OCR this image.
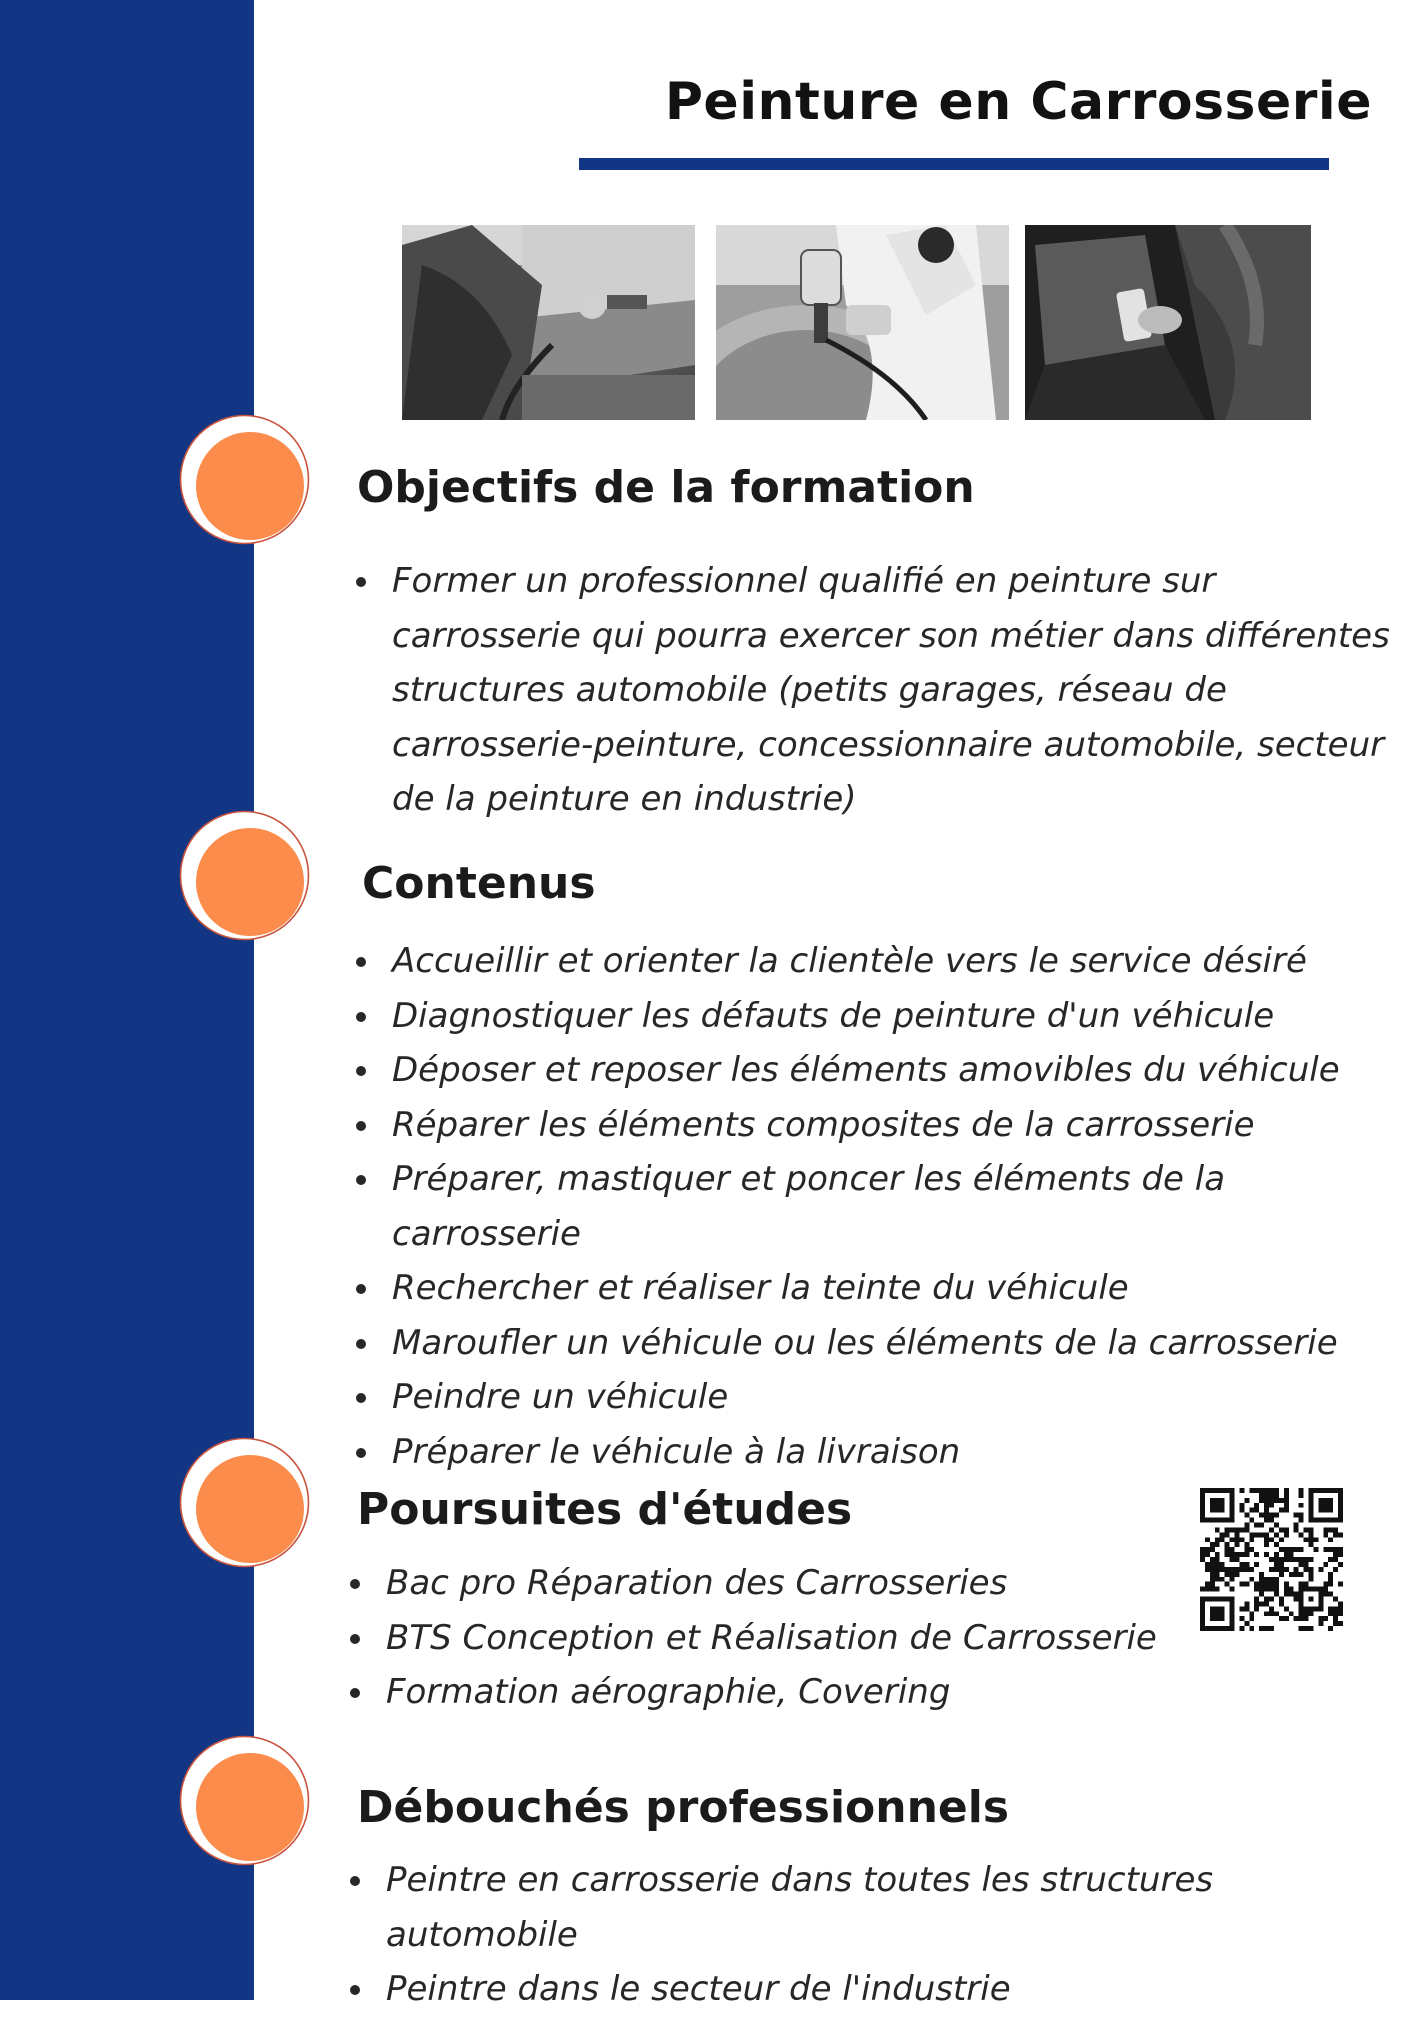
Peinture en Carrosserie
Objectifs de la formation
Former un professionnel qualifié en peinture sur carrosserie qui pourra exercer son métier dans différentes structures automobile (petits garages, réseau de carrosserie-peinture, concessionnaire automobile, secteur de la peinture en industrie)
Contenus
Accueillir et orienter la clientèle vers le service désiré
Diagnostiquer les défauts de peinture d'un véhicule
Déposer et reposer les éléments amovibles du véhicule
Réparer les éléments composites de la carrosserie
Préparer, mastiquer et poncer les éléments de la carrosserie
Rechercher et réaliser la teinte du véhicule
Maroufler un véhicule ou les éléments de la carrosserie
Peindre un véhicule
Préparer le véhicule à la livraison
Poursuites d'études
Bac pro Réparation des Carrosseries
BTS Conception et Réalisation de Carrosserie
Formation aérographie, Covering
Débouchés professionnels
Peintre en carrosserie dans toutes les structures automobile
Peintre dans le secteur de l'industrie
